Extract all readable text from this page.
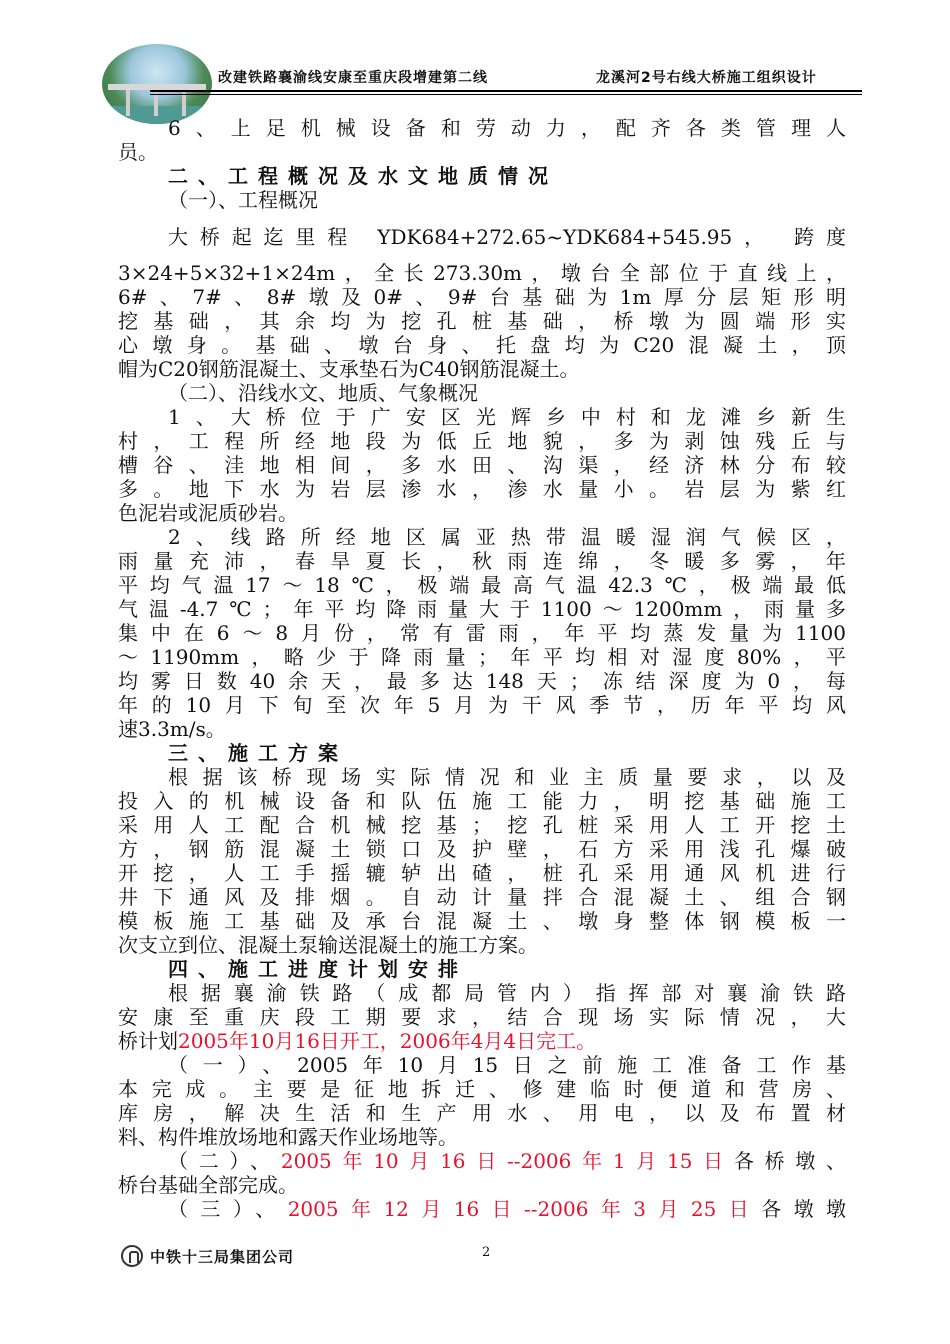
改建铁路襄渝线安康至重庆段增建第二线	龙溪河2号右线大桥施工组织设计
6、上足机械设备和劳动力，配齐各类管理人
员。
二、工程概况及水文地质情况
（一）、工程概况
大桥起迄里程 YDK684+272.65~YDK684+545.95， 跨度
3×24+5×32+1×24m，全长273.30m，墩台全部位于直线上，
6#、7#、8#墩及0#、9#台基础为1m厚分层矩形明
挖基础，其余均为挖孔桩基础，桥墩为圆端形实
心墩身。基础、墩台身、托盘均为C20混凝土，顶
帽为C20钢筋混凝土、支承垫石为C40钢筋混凝土。
（二）、沿线水文、地质、气象概况
1、大桥位于广安区光辉乡中村和龙滩乡新生
村，工程所经地段为低丘地貌，多为剥蚀残丘与
槽谷、洼地相间，多水田、沟渠，经济林分布较
多。地下水为岩层渗水，渗水量小。岩层为紫红
色泥岩或泥质砂岩。
2、线路所经地区属亚热带温暖湿润气候区，
雨量充沛，春旱夏长，秋雨连绵，冬暖多雾，年
平均气温17～18℃，极端最高气温42.3℃，极端最低
气温-4.7℃；年平均降雨量大于1100～1200mm，雨量多
集中在6～8月份，常有雷雨，年平均蒸发量为1100
～1190mm，略少于降雨量；年平均相对湿度80%，平
均雾日数40余天，最多达148天；冻结深度为0，每
年的10月下旬至次年5月为干风季节，历年平均风
速3.3m/s。
三、施工方案
根据该桥现场实际情况和业主质量要求，以及
投入的机械设备和队伍施工能力，明挖基础施工
采用人工配合机械挖基；挖孔桩采用人工开挖土
方，钢筋混凝土锁口及护壁，石方采用浅孔爆破
开挖，人工手摇辘轳出碴，桩孔采用通风机进行
井下通风及排烟。自动计量拌合混凝土、组合钢
模板施工基础及承台混凝土、墩身整体钢模板一
次支立到位、混凝土泵输送混凝土的施工方案。
四、施工进度计划安排
根据襄渝铁路（成都局管内）指挥部对襄渝铁路
安康至重庆段工期要求，结合现场实际情况，大
桥计划2005年10月16日开工，2006年4月4日完工。
（一）、2005年10月15日之前施工准备工作基
本完成。主要是征地拆迁、修建临时便道和营房、
库房，解决生活和生产用水、用电，以及布置材
料、构件堆放场地和露天作业场地等。
（二）、2005年10月16日--2006年1月15日各桥墩、
桥台基础全部完成。
（三）、2005年12月16日--2006年3月25日各墩墩
中铁十三局集团公司	2
